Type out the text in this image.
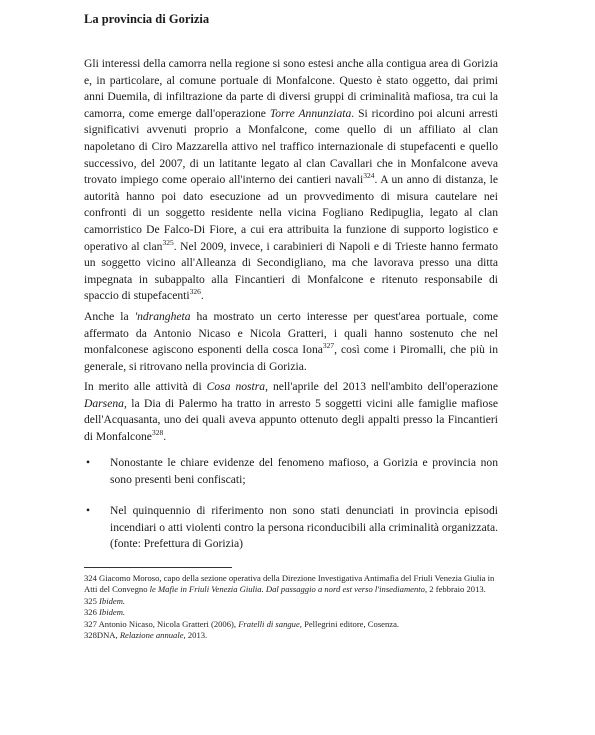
La provincia di Gorizia

Gli interessi della camorra nella regione si sono estesi anche alla contigua area di Gorizia e, in particolare, al comune portuale di Monfalcone. Questo è stato oggetto, dai primi anni Duemila, di infiltrazione da parte di diversi gruppi di criminalità mafiosa, tra cui la camorra, come emerge dall'operazione Torre Annunziata. Si ricordino poi alcuni arresti significativi avvenuti proprio a Monfalcone, come quello di un affiliato al clan napoletano di Ciro Mazzarella attivo nel traffico internazionale di stupefacenti e quello successivo, del 2007, di un latitante legato al clan Cavallari che in Monfalcone aveva trovato impiego come operaio all'interno dei cantieri navali$^{324}$. A un anno di distanza, le autorità hanno poi dato esecuzione ad un provvedimento di misura cautelare nei confronti di un soggetto residente nella vicina Fogliano Redipuglia, legato al clan camorristico De Falco-Di Fiore, a cui era attribuita la funzione di supporto logistico e operativo al clan$^{325}$. Nel 2009, invece, i carabinieri di Napoli e di Trieste hanno fermato un soggetto vicino all'Alleanza di Secondigliano, ma che lavorava presso una ditta impegnata in subappalto alla Fincantieri di Monfalcone e ritenuto responsabile di spaccio di stupefacenti$^{326}$.

Anche la 'ndrangheta ha mostrato un certo interesse per quest'area portuale, come affermato da Antonio Nicaso e Nicola Gratteri, i quali hanno sostenuto che nel monfalconese agiscono esponenti della cosca Iona$^{327}$, così come i Piromalli, che più in generale, si ritrovano nella provincia di Gorizia.

In merito alle attività di Cosa nostra, nell'aprile del 2013 nell'ambito dell'operazione Darsena, la Dia di Palermo ha tratto in arresto 5 soggetti vicini alle famiglie mafiose dell'Acquasanta, uno dei quali aveva appunto ottenuto degli appalti presso la Fincantieri di Monfalcone$^{328}$.

• Nonostante le chiare evidenze del fenomeno mafioso, a Gorizia e provincia non sono presenti beni confiscati;
• Nel quinquennio di riferimento non sono stati denunciati in provincia episodi incendiari o atti violenti contro la persona riconducibili alla criminalità organizzata. (fonte: Prefettura di Gorizia)

324 Giacomo Moroso, capo della sezione operativa della Direzione Investigativa Antimafia del Friuli Venezia Giulia in Atti del Convegno le Mafie in Friuli Venezia Giulia. Dal passaggio a nord est verso l'insediamento, 2 febbraio 2013.

325 Ibidem.

326 Ibidem.

327 Antonio Nicaso, Nicola Gratteri (2006), Fratelli di sangue, Pellegrini editore, Cosenza.

328DNA, Relazione annuale, 2013.
